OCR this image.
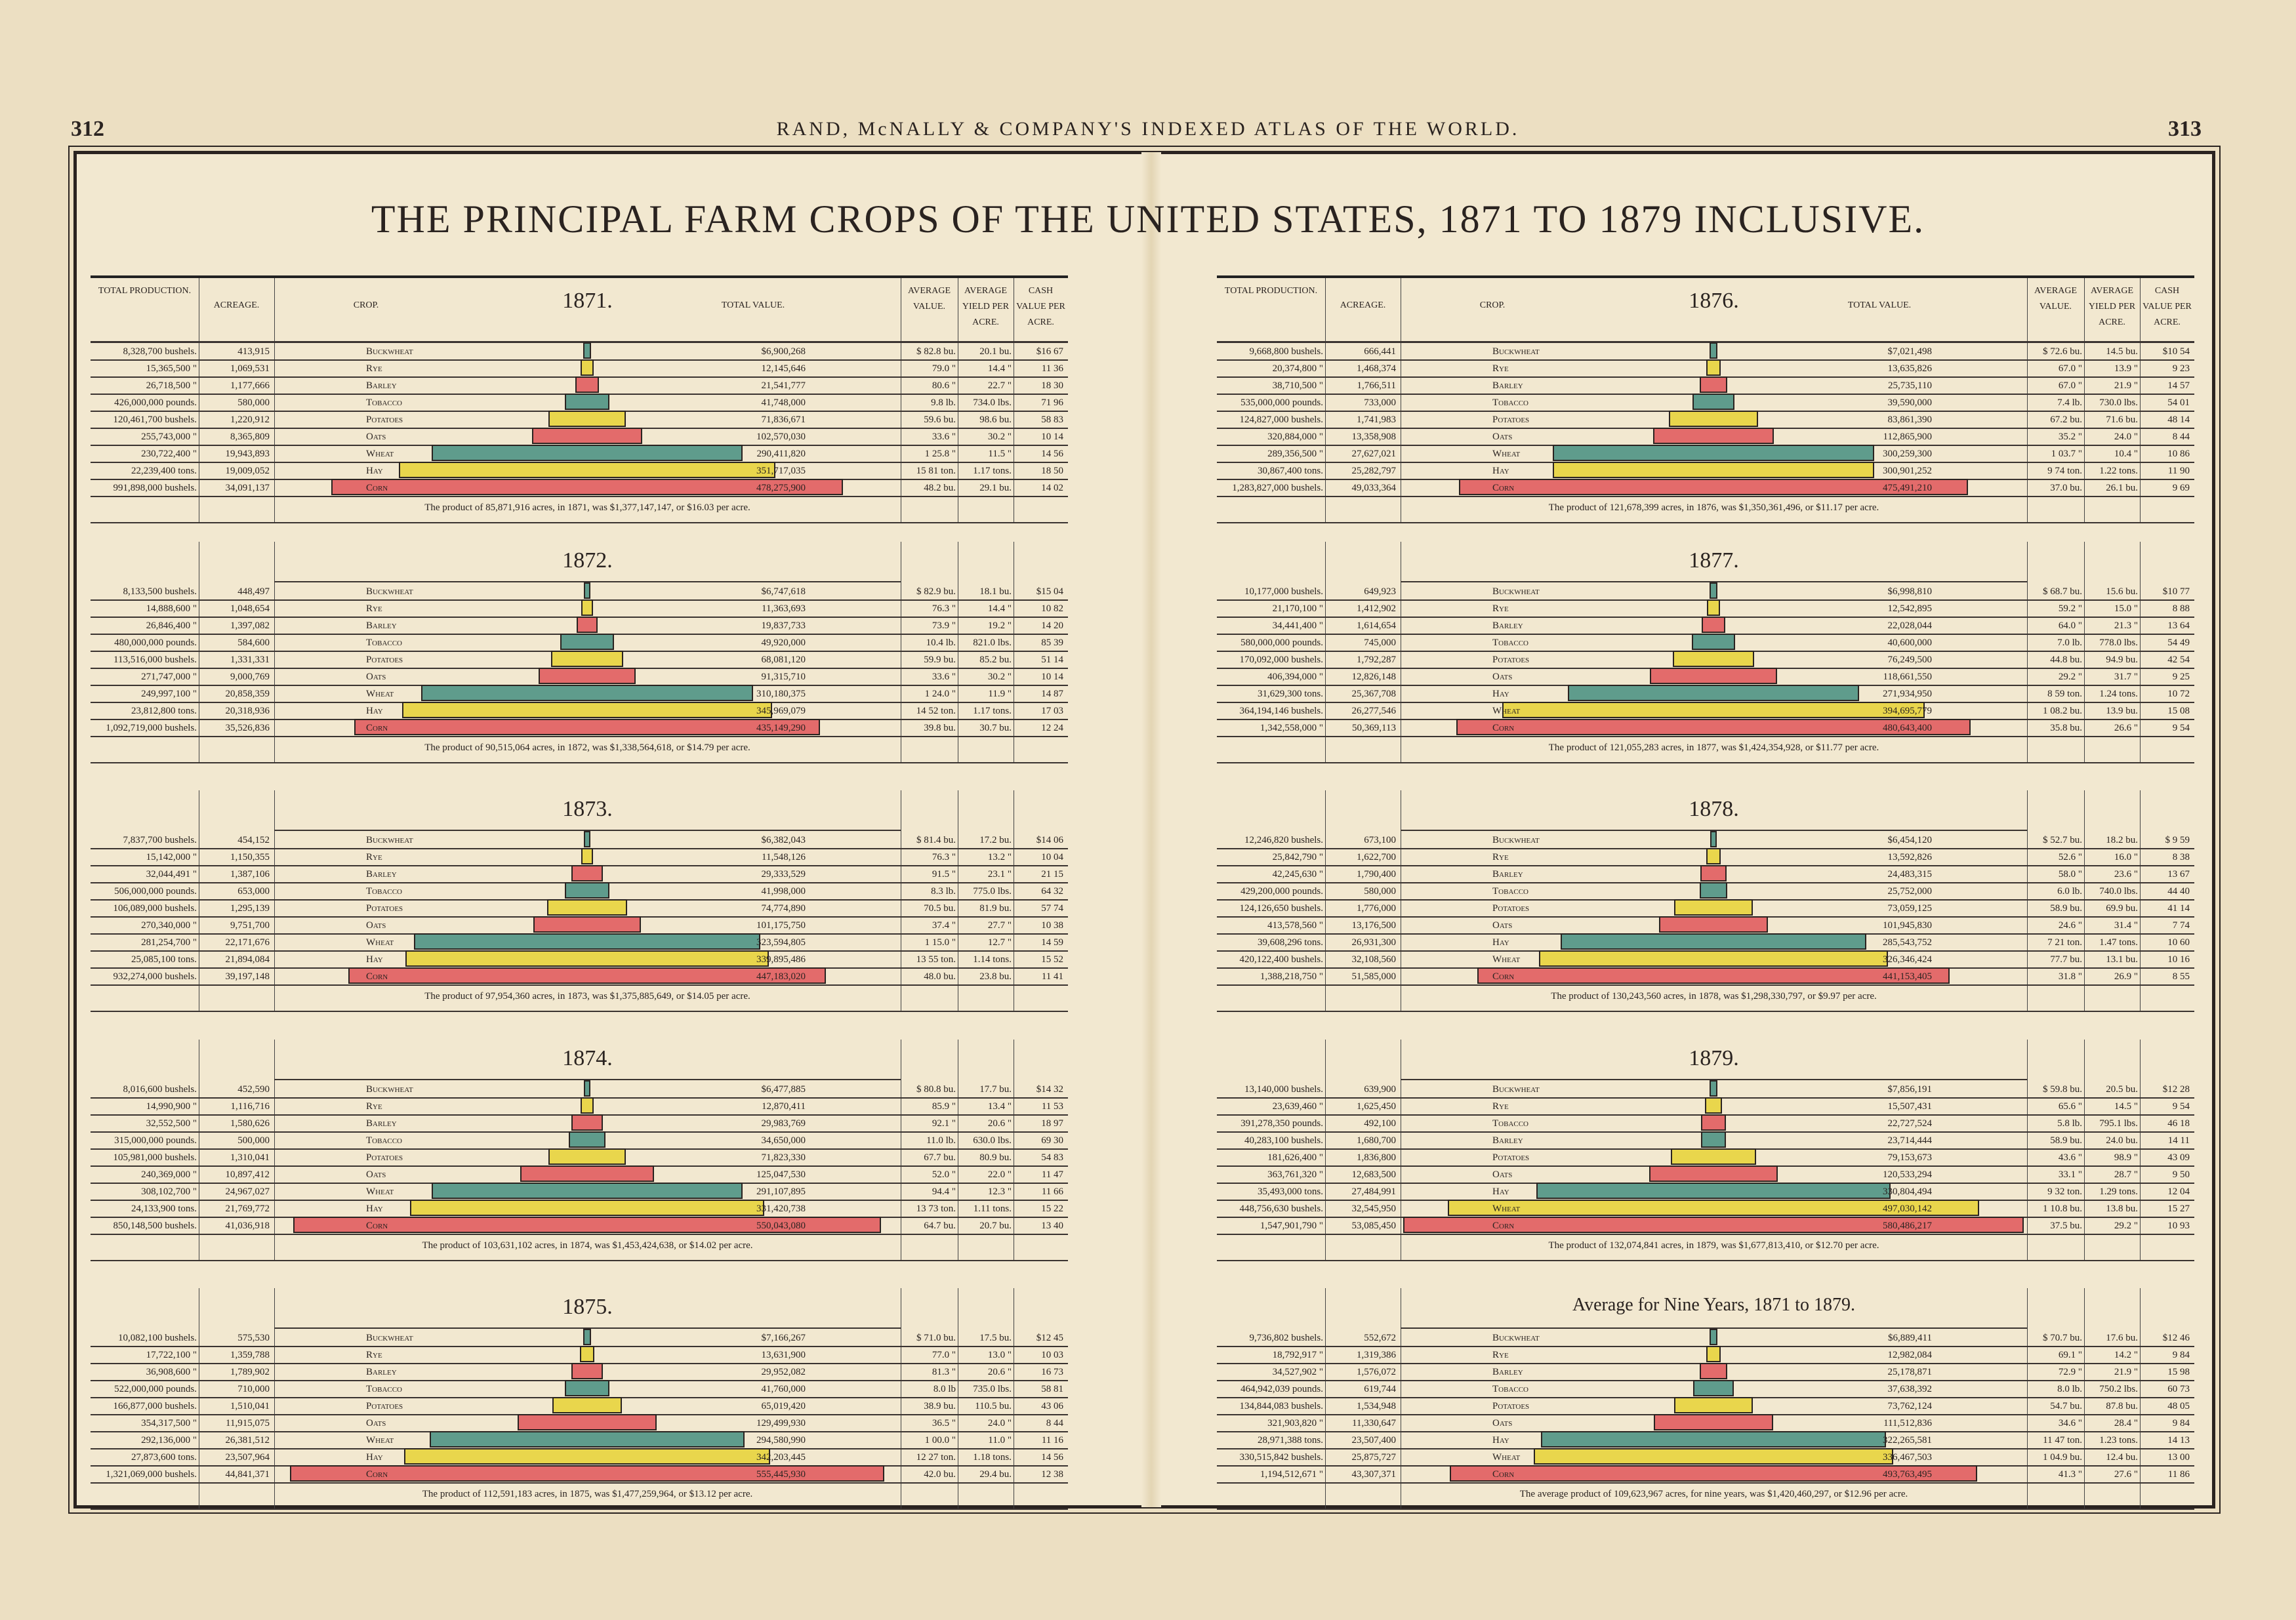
312	313
RAND, McNALLY & COMPANY'S INDEXED ATLAS OF THE WORLD.
THE PRINCIPAL FARM CROPS OF THE UNITED STATES, 1871 TO 1879 INCLUSIVE.
TOTAL PRODUCTION.
ACREAGE.	CROP.	TOTAL VALUE.
AVERAGE VALUE.
AVERAGE YIELD PER ACRE.
CASH VALUE PER ACRE.
1871.
8,328,700 bushels.	413,915	Buckwheat	$6,900,268	$ 82.8 bu.	20.1 bu.	$16 67
15,365,500 "	1,069,531	Rye	12,145,646	79.0 "	14.4 "	11 36
26,718,500 "	1,177,666	Barley	21,541,777	80.6 "	22.7 "	18 30
426,000,000 pounds.	580,000	Tobacco	41,748,000	9.8 lb.	734.0 lbs.	71 96
120,461,700 bushels.	1,220,912	Potatoes	71,836,671	59.6 bu.	98.6 bu.	58 83
255,743,000 "	8,365,809	Oats	102,570,030	33.6 "	30.2 "	10 14
230,722,400 "	19,943,893	Wheat	290,411,820	1 25.8 "	11.5 "	14 56
22,239,400 tons.	19,009,052	Hay	351,717,035	15 81 ton.	1.17 tons.	18 50
991,898,000 bushels.	34,091,137	Corn	478,275,900	48.2 bu.	29.1 bu.	14 02
The product of 85,871,916 acres, in 1871, was $1,377,147,147, or $16.03 per acre.
1872.
8,133,500 bushels.	448,497	Buckwheat	$6,747,618	$ 82.9 bu.	18.1 bu.	$15 04
14,888,600 "	1,048,654	Rye	11,363,693	76.3 "	14.4 "	10 82
26,846,400 "	1,397,082	Barley	19,837,733	73.9 "	19.2 "	14 20
480,000,000 pounds.	584,600	Tobacco	49,920,000	10.4 lb.	821.0 lbs.	85 39
113,516,000 bushels.	1,331,331	Potatoes	68,081,120	59.9 bu.	85.2 bu.	51 14
271,747,000 "	9,000,769	Oats	91,315,710	33.6 "	30.2 "	10 14
249,997,100 "	20,858,359	Wheat	310,180,375	1 24.0 "	11.9 "	14 87
23,812,800 tons.	20,318,936	Hay	345,969,079	14 52 ton.	1.17 tons.	17 03
1,092,719,000 bushels.	35,526,836	Corn	435,149,290	39.8 bu.	30.7 bu.	12 24
The product of 90,515,064 acres, in 1872, was $1,338,564,618, or $14.79 per acre.
1873.
7,837,700 bushels.	454,152	Buckwheat	$6,382,043	$ 81.4 bu.	17.2 bu.	$14 06
15,142,000 "	1,150,355	Rye	11,548,126	76.3 "	13.2 "	10 04
32,044,491 "	1,387,106	Barley	29,333,529	91.5 "	23.1 "	21 15
506,000,000 pounds.	653,000	Tobacco	41,998,000	8.3 lb.	775.0 lbs.	64 32
106,089,000 bushels.	1,295,139	Potatoes	74,774,890	70.5 bu.	81.9 bu.	57 74
270,340,000 "	9,751,700	Oats	101,175,750	37.4 "	27.7 "	10 38
281,254,700 "	22,171,676	Wheat	323,594,805	1 15.0 "	12.7 "	14 59
25,085,100 tons.	21,894,084	Hay	339,895,486	13 55 ton.	1.14 tons.	15 52
932,274,000 bushels.	39,197,148	Corn	447,183,020	48.0 bu.	23.8 bu.	11 41
The product of 97,954,360 acres, in 1873, was $1,375,885,649, or $14.05 per acre.
1874.
8,016,600 bushels.	452,590	Buckwheat	$6,477,885	$ 80.8 bu.	17.7 bu.	$14 32
14,990,900 "	1,116,716	Rye	12,870,411	85.9 "	13.4 "	11 53
32,552,500 "	1,580,626	Barley	29,983,769	92.1 "	20.6 "	18 97
315,000,000 pounds.	500,000	Tobacco	34,650,000	11.0 lb.	630.0 lbs.	69 30
105,981,000 bushels.	1,310,041	Potatoes	71,823,330	67.7 bu.	80.9 bu.	54 83
240,369,000 "	10,897,412	Oats	125,047,530	52.0 "	22.0 "	11 47
308,102,700 "	24,967,027	Wheat	291,107,895	94.4 "	12.3 "	11 66
24,133,900 tons.	21,769,772	Hay	331,420,738	13 73 ton.	1.11 tons.	15 22
850,148,500 bushels.	41,036,918	Corn	550,043,080	64.7 bu.	20.7 bu.	13 40
The product of 103,631,102 acres, in 1874, was $1,453,424,638, or $14.02 per acre.
1875.
10,082,100 bushels.	575,530	Buckwheat	$7,166,267	$ 71.0 bu.	17.5 bu.	$12 45
17,722,100 "	1,359,788	Rye	13,631,900	77.0 "	13.0 "	10 03
36,908,600 "	1,789,902	Barley	29,952,082	81.3 "	20.6 "	16 73
522,000,000 pounds.	710,000	Tobacco	41,760,000	8.0 lb	735.0 lbs.	58 81
166,877,000 bushels.	1,510,041	Potatoes	65,019,420	38.9 bu.	110.5 bu.	43 06
354,317,500 "	11,915,075	Oats	129,499,930	36.5 "	24.0 "	8 44
292,136,000 "	26,381,512	Wheat	294,580,990	1 00.0 "	11.0 "	11 16
27,873,600 tons.	23,507,964	Hay	342,203,445	12 27 ton.	1.18 tons.	14 56
1,321,069,000 bushels.	44,841,371	Corn	555,445,930	42.0 bu.	29.4 bu.	12 38
The product of 112,591,183 acres, in 1875, was $1,477,259,964, or $13.12 per acre.
TOTAL PRODUCTION.
ACREAGE.	CROP.	TOTAL VALUE.
AVERAGE VALUE.
AVERAGE YIELD PER ACRE.
CASH VALUE PER ACRE.
1876.
9,668,800 bushels.	666,441	Buckwheat	$7,021,498	$ 72.6 bu.	14.5 bu.	$10 54
20,374,800 "	1,468,374	Rye	13,635,826	67.0 "	13.9 "	9 23
38,710,500 "	1,766,511	Barley	25,735,110	67.0 "	21.9 "	14 57
535,000,000 pounds.	733,000	Tobacco	39,590,000	7.4 lb.	730.0 lbs.	54 01
124,827,000 bushels.	1,741,983	Potatoes	83,861,390	67.2 bu.	71.6 bu.	48 14
320,884,000 "	13,358,908	Oats	112,865,900	35.2 "	24.0 "	8 44
289,356,500 "	27,627,021	Wheat	300,259,300	1 03.7 "	10.4 "	10 86
30,867,400 tons.	25,282,797	Hay	300,901,252	9 74 ton.	1.22 tons.	11 90
1,283,827,000 bushels.	49,033,364	Corn	475,491,210	37.0 bu.	26.1 bu.	9 69
The product of 121,678,399 acres, in 1876, was $1,350,361,496, or $11.17 per acre.
1877.
10,177,000 bushels.	649,923	Buckwheat	$6,998,810	$ 68.7 bu.	15.6 bu.	$10 77
21,170,100 "	1,412,902	Rye	12,542,895	59.2 "	15.0 "	8 88
34,441,400 "	1,614,654	Barley	22,028,044	64.0 "	21.3 "	13 64
580,000,000 pounds.	745,000	Tobacco	40,600,000	7.0 lb.	778.0 lbs.	54 49
170,092,000 bushels.	1,792,287	Potatoes	76,249,500	44.8 bu.	94.9 bu.	42 54
406,394,000 "	12,826,148	Oats	118,661,550	29.2 "	31.7 "	9 25
31,629,300 tons.	25,367,708	Hay	271,934,950	8 59 ton.	1.24 tons.	10 72
364,194,146 bushels.	26,277,546	Wheat	394,695,779	1 08.2 bu.	13.9 bu.	15 08
1,342,558,000 "	50,369,113	Corn	480,643,400	35.8 bu.	26.6 "	9 54
The product of 121,055,283 acres, in 1877, was $1,424,354,928, or $11.77 per acre.
1878.
12,246,820 bushels.	673,100	Buckwheat	$6,454,120	$ 52.7 bu.	18.2 bu.	$ 9 59
25,842,790 "	1,622,700	Rye	13,592,826	52.6 "	16.0 "	8 38
42,245,630 "	1,790,400	Barley	24,483,315	58.0 "	23.6 "	13 67
429,200,000 pounds.	580,000	Tobacco	25,752,000	6.0 lb.	740.0 lbs.	44 40
124,126,650 bushels.	1,776,000	Potatoes	73,059,125	58.9 bu.	69.9 bu.	41 14
413,578,560 "	13,176,500	Oats	101,945,830	24.6 "	31.4 "	7 74
39,608,296 tons.	26,931,300	Hay	285,543,752	7 21 ton.	1.47 tons.	10 60
420,122,400 bushels.	32,108,560	Wheat	326,346,424	77.7 bu.	13.1 bu.	10 16
1,388,218,750 "	51,585,000	Corn	441,153,405	31.8 "	26.9 "	8 55
The product of 130,243,560 acres, in 1878, was $1,298,330,797, or $9.97 per acre.
1879.
13,140,000 bushels.	639,900	Buckwheat	$7,856,191	$ 59.8 bu.	20.5 bu.	$12 28
23,639,460 "	1,625,450	Rye	15,507,431	65.6 "	14.5 "	9 54
391,278,350 pounds.	492,100	Tobacco	22,727,524	5.8 lb.	795.1 lbs.	46 18
40,283,100 bushels.	1,680,700	Barley	23,714,444	58.9 bu.	24.0 bu.	14 11
181,626,400 "	1,836,800	Potatoes	79,153,673	43.6 "	98.9 "	43 09
363,761,320 "	12,683,500	Oats	120,533,294	33.1 "	28.7 "	9 50
35,493,000 tons.	27,484,991	Hay	330,804,494	9 32 ton.	1.29 tons.	12 04
448,756,630 bushels.	32,545,950	Wheat	497,030,142	1 10.8 bu.	13.8 bu.	15 27
1,547,901,790 "	53,085,450	Corn	580,486,217	37.5 bu.	29.2 "	10 93
The product of 132,074,841 acres, in 1879, was $1,677,813,410, or $12.70 per acre.
Average for Nine Years, 1871 to 1879.
9,736,802 bushels.	552,672	Buckwheat	$6,889,411	$ 70.7 bu.	17.6 bu.	$12 46
18,792,917 "	1,319,386	Rye	12,982,084	69.1 "	14.2 "	9 84
34,527,902 "	1,576,072	Barley	25,178,871	72.9 "	21.9 "	15 98
464,942,039 pounds.	619,744	Tobacco	37,638,392	8.0 lb.	750.2 lbs.	60 73
134,844,083 bushels.	1,534,948	Potatoes	73,762,124	54.7 bu.	87.8 bu.	48 05
321,903,820 "	11,330,647	Oats	111,512,836	34.6 "	28.4 "	9 84
28,971,388 tons.	23,507,400	Hay	322,265,581	11 47 ton.	1.23 tons.	14 13
330,515,842 bushels.	25,875,727	Wheat	336,467,503	1 04.9 bu.	12.4 bu.	13 00
1,194,512,671 "	43,307,371	Corn	493,763,495	41.3 "	27.6 "	11 86
The average product of 109,623,967 acres, for nine years, was $1,420,460,297, or $12.96 per acre.
